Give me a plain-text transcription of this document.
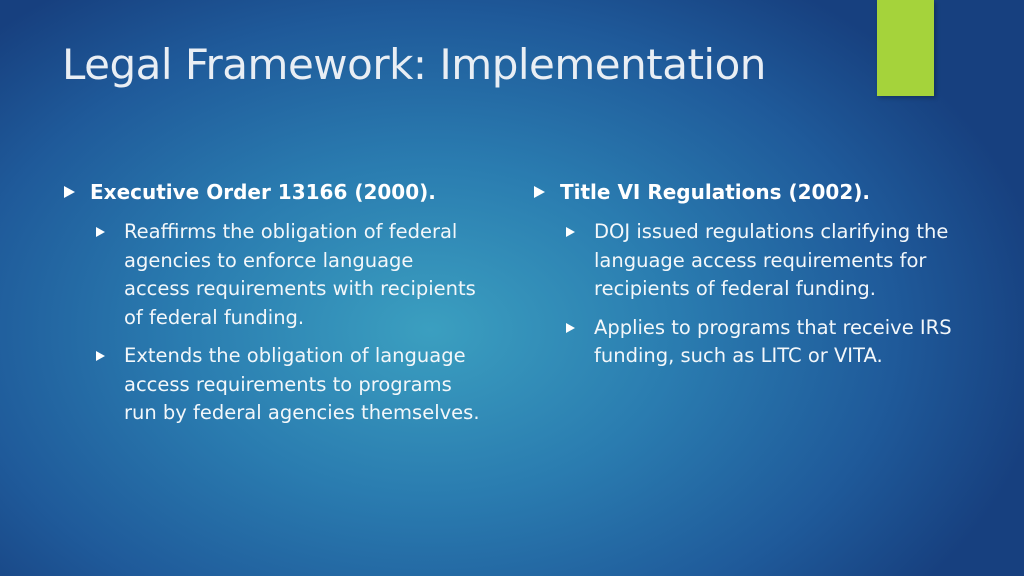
Legal Framework: Implementation
Executive Order 13166 (2000).
Reaffirms the obligation of federal agencies to enforce language access requirements with recipients of federal funding.
Extends the obligation of language access requirements to programs run by federal agencies themselves.
Title VI Regulations (2002).
DOJ issued regulations clarifying the language access requirements for recipients of federal funding.
Applies to programs that receive IRS funding, such as LITC or VITA.
